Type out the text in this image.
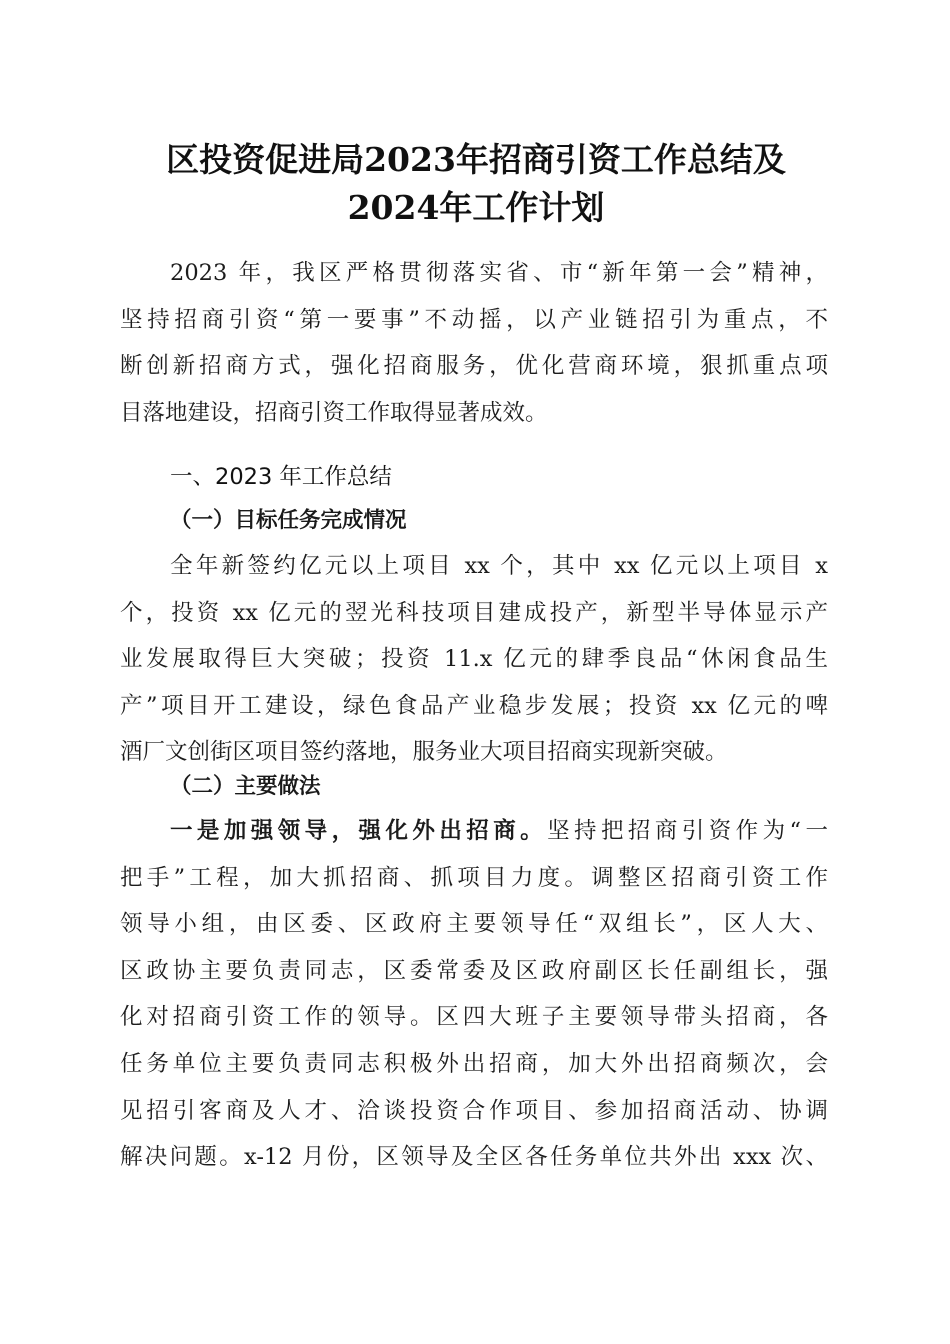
区投资促进局2023年招商引资工作总结及
2024年工作计划
2023 年，我区严格贯彻落实省、市“新年第一会”精神，
坚持招商引资“第一要事”不动摇，以产业链招引为重点，不
断创新招商方式，强化招商服务，优化营商环境，狠抓重点项
目落地建设，招商引资工作取得显著成效。
一、2023 年工作总结
（一）目标任务完成情况
全年新签约亿元以上项目 xx 个，其中 xx 亿元以上项目 x
个，投资 xx 亿元的翌光科技项目建成投产，新型半导体显示产
业发展取得巨大突破；投资 11.x 亿元的肆季良品“休闲食品生
产”项目开工建设，绿色食品产业稳步发展；投资 xx 亿元的啤
酒厂文创街区项目签约落地，服务业大项目招商实现新突破。
（二）主要做法
一是加强领导，强化外出招商。坚持把招商引资作为“一
把手”工程，加大抓招商、抓项目力度。调整区招商引资工作
领导小组，由区委、区政府主要领导任“双组长”，区人大、
区政协主要负责同志，区委常委及区政府副区长任副组长，强
化对招商引资工作的领导。区四大班子主要领导带头招商，各
任务单位主要负责同志积极外出招商，加大外出招商频次，会
见招引客商及人才、洽谈投资合作项目、参加招商活动、协调
解决问题。x-12 月份，区领导及全区各任务单位共外出 xxx 次、
